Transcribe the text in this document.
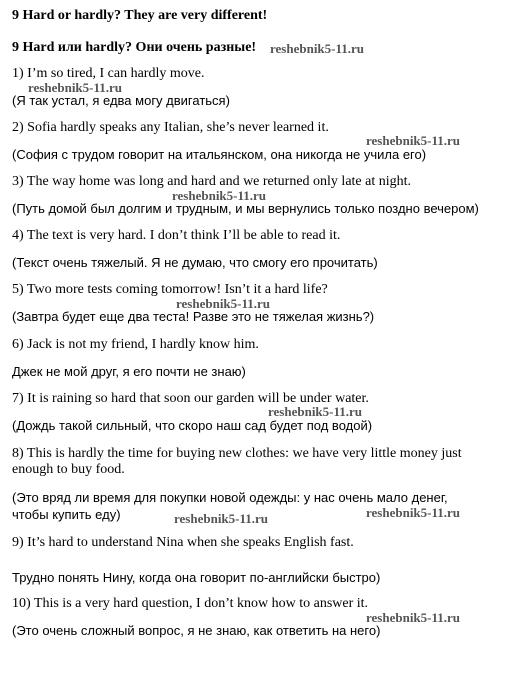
9 Hard or hardly? They are very different!
9 Hard или hardly? Они очень разные!
1) I’m so tired, I can hardly move.
(Я так устал, я едва могу двигаться)
2) Sofia hardly speaks any Italian, she’s never learned it.
(София с трудом говорит на итальянском, она никогда не учила его)
3) The way home was long and hard and we returned only late at night.
(Путь домой был долгим и трудным, и мы вернулись только поздно вечером)
4) The text is very hard. I don’t think I’ll be able to read it.
(Текст очень тяжелый. Я не думаю, что смогу его прочитать)
5) Two more tests coming tomorrow! Isn’t it a hard life?
(Завтра будет еще два теста! Разве это не тяжелая жизнь?)
6) Jack is not my friend, I hardly know him.
Джек не мой друг, я его почти не знаю)
7) It is raining so hard that soon our garden will be under water.
(Дождь такой сильный, что скоро наш сад будет под водой)
8) This is hardly the time for buying new clothes: we have very little money just
enough to buy food.
(Это вряд ли время для покупки новой одежды: у нас очень мало денег,
чтобы купить еду)
9) It’s hard to understand Nina when she speaks English fast.
Трудно понять Нину, когда она говорит по-английски быстро)
10) This is a very hard question, I don’t know how to answer it.
(Это очень сложный вопрос, я не знаю, как ответить на него)
reshebnik5-11.ru
reshebnik5-11.ru
reshebnik5-11.ru
reshebnik5-11.ru
reshebnik5-11.ru
reshebnik5-11.ru
reshebnik5-11.ru	reshebnik5-11.ru
reshebnik5-11.ru
